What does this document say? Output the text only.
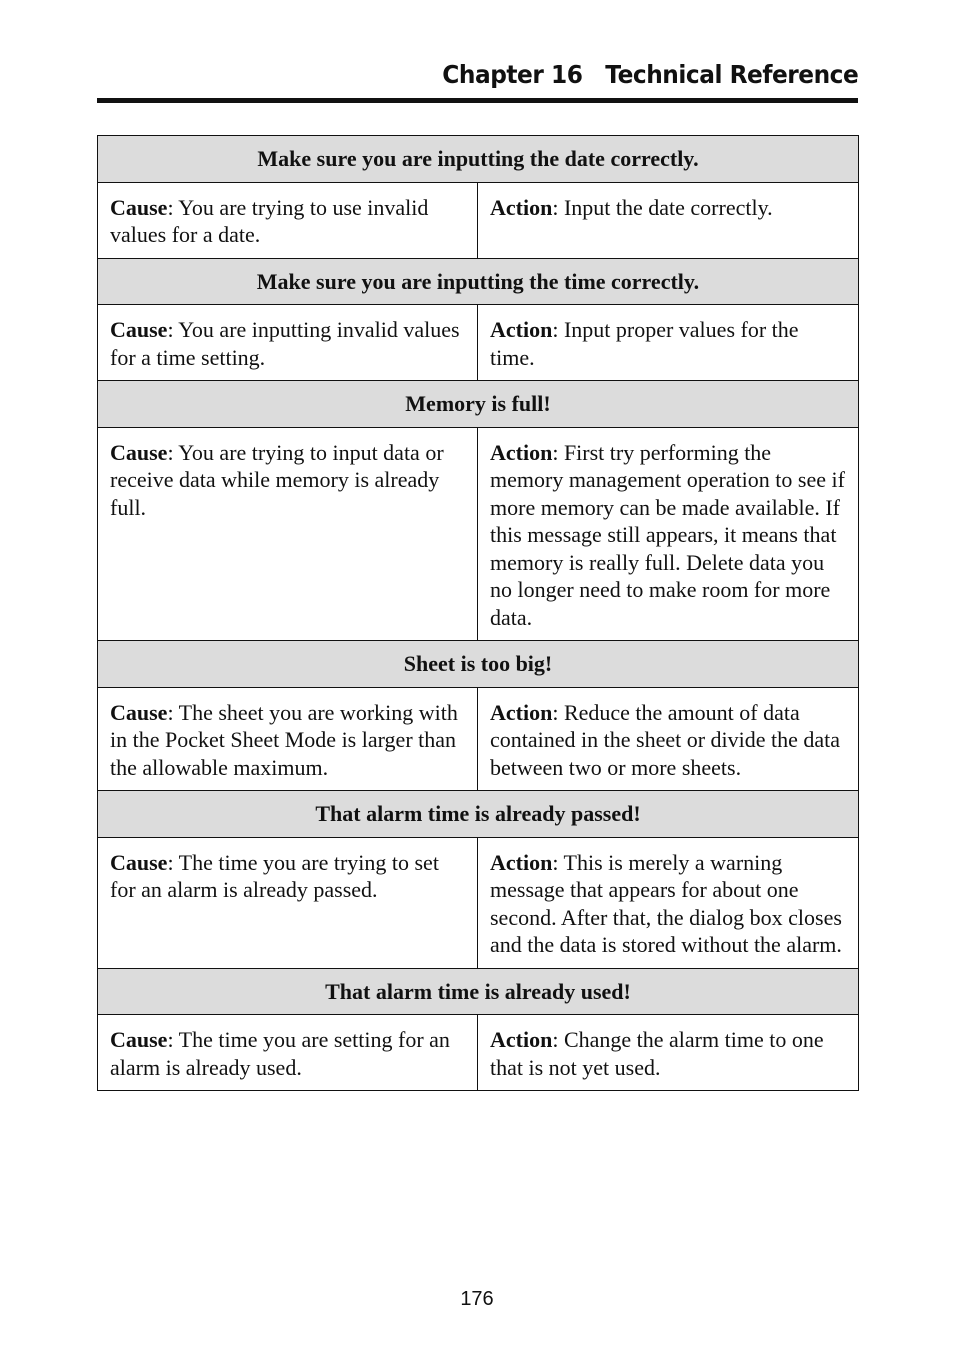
Chapter 16   Technical Reference
Make sure you are inputting the date correctly.	
Cause: You are trying to use invalid values for a date.	Action: Input the date correctly.
Make sure you are inputting the time correctly.	
Cause: You are inputting invalid values for a time setting.	Action: Input proper values for the time.
Memory is full!	
Cause: You are trying to input data or receive data while memory is already full.	Action: First try performing the memory management operation to see if more memory can be made available. If this message still appears, it means that memory is really full. Delete data you no longer need to make room for more data.
Sheet is too big!	
Cause: The sheet you are working with in the Pocket Sheet Mode is larger than the allowable maximum.	Action: Reduce the amount of data contained in the sheet or divide the data between two or more sheets.
That alarm time is already passed!	
Cause: The time you are trying to set for an alarm is already passed.	Action: This is merely a warning message that appears for about one second. After that, the dialog box closes and the data is stored without the alarm.
That alarm time is already used!	
Cause: The time you are setting for an alarm is already used.	Action: Change the alarm time to one that is not yet used.
176
